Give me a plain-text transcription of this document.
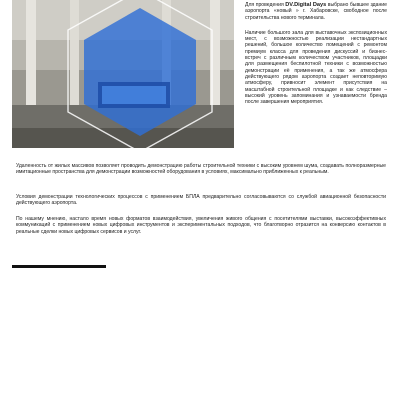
Для проведения DV.Digital Days выбрано бывшее здание аэропорта «новый » г. Хабаровске, свободное после строительства нового терминала.

Наличие большого зала для выставочных экспозиционных мест, с возможностью реализации нестандартных решений, большое количество помещений с ремонтом премиум класса для проведения дискуссий и бизнес-встреч с различным количеством участников, площадки для размещения беспилотной техники с возможностью демонстрации её применения, а так же атмосфера действующего рядом аэропорта создает неповторимую атмосферу, привносит элемент присутствия на масштабной строительной площадке и как следствие – высокий уровень запоминания и узнаваемости бренда после завершения мероприятия.

Удаленность от жилых массивов позволяет проводить демонстрацию работы строительной техники с высоким уровнем шума, создавать полноразмерные имитационные пространства для демонстрации возможностей оборудования в условиях, максимально приближенных к реальным.

Условия демонстрации технологических процессов с применением БПЛА предварительно согласовываются со службой авиационной безопасности действующего аэропорта.

По нашему мнению, настало время новых форматов взаимодействия, увеличения живого общения с посетителями выставки, высокоэффективных коммуникаций с применением новых цифровых инструментов и экспериментальных подходов, что благотворно отразится на конверсию контактов в реальные сделки новых цифровых сервисов и услуг.
